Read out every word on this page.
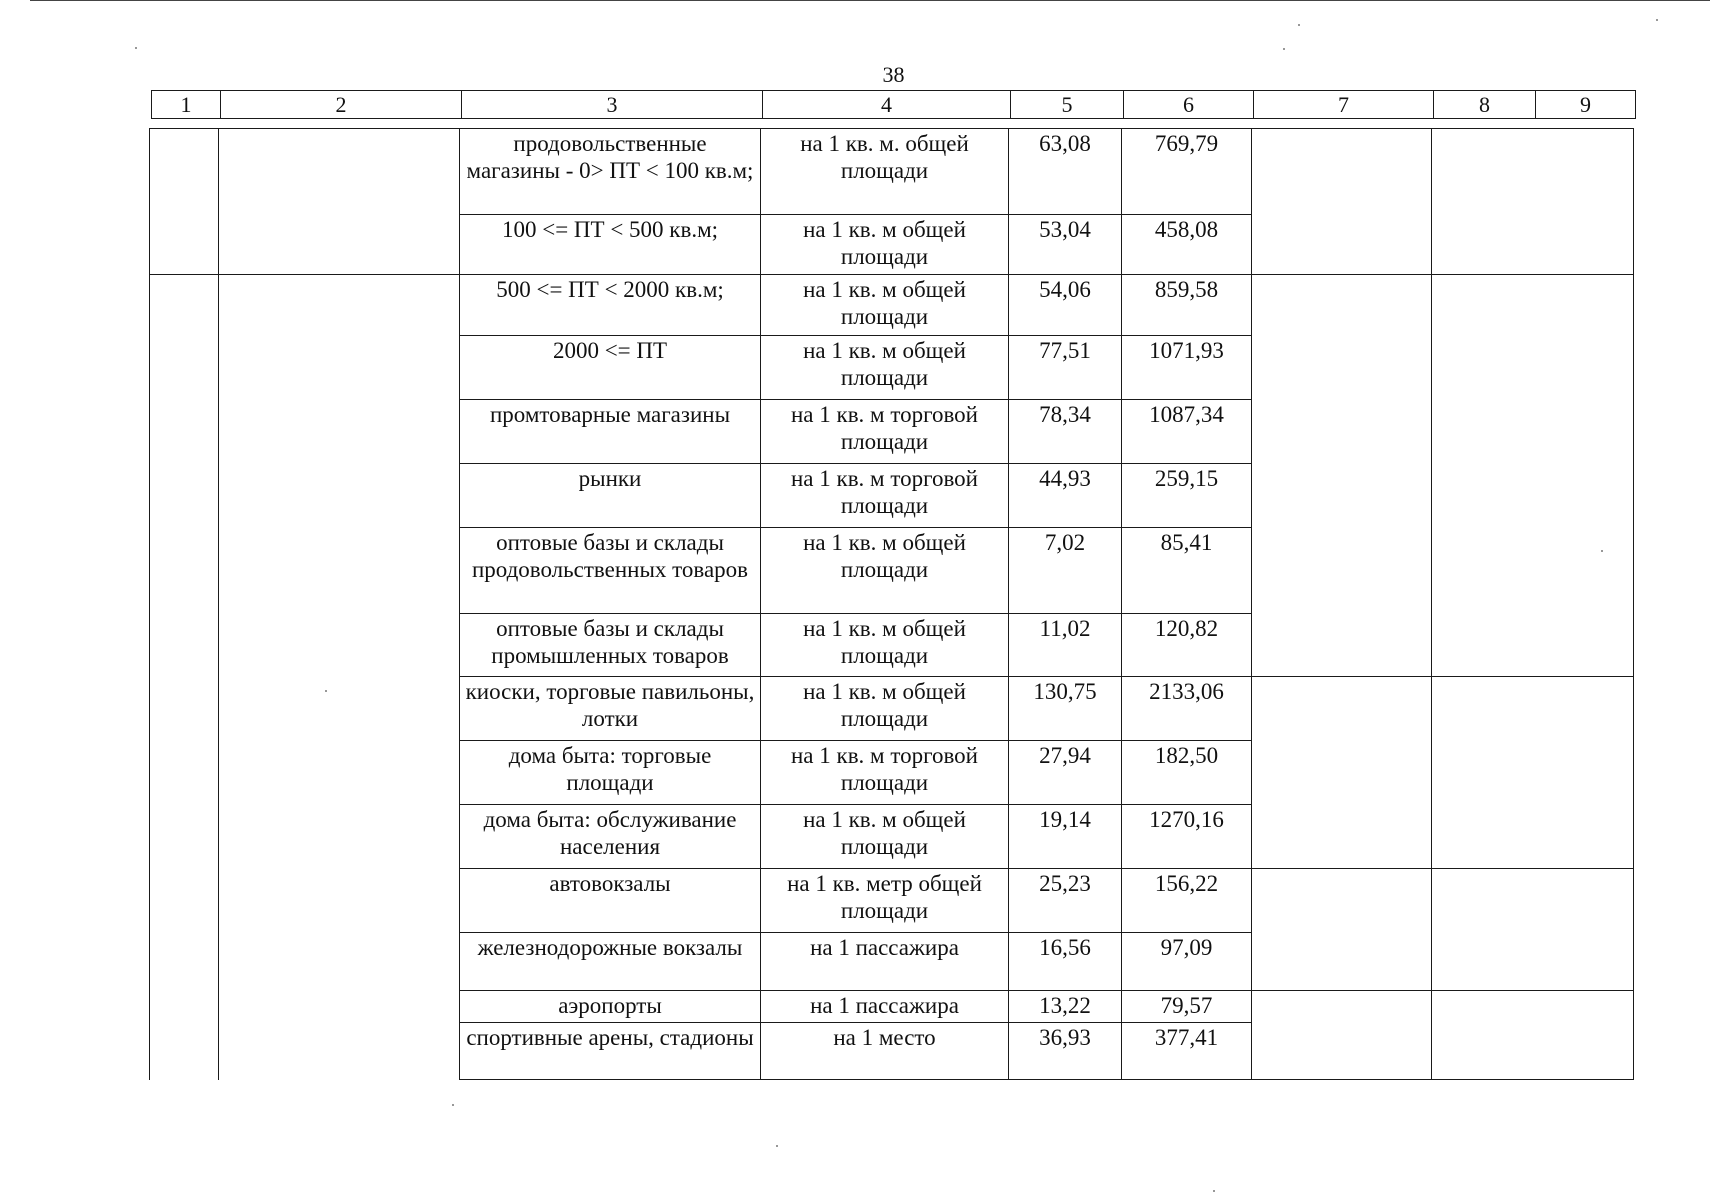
38
1	2	3	4	5	6	7	8	9
		продовольственные магазины - 0> ПТ < 100 кв.м;	на 1 кв. м. общей площади	63,08	769,79		
		100 <= ПТ < 500 кв.м;	на 1 кв. м общей площади	53,04	458,08		
		500 <= ПТ < 2000 кв.м;	на 1 кв. м общей площади	54,06	859,58		
		2000 <= ПТ	на 1 кв. м общей площади	77,51	1071,93		
		промтоварные магазины	на 1 кв. м торговой площади	78,34	1087,34		
		рынки	на 1 кв. м торговой площади	44,93	259,15		
		оптовые базы и склады продовольственных товаров	на 1 кв. м общей площади	7,02	85,41		
		оптовые базы и склады промышленных товаров	на 1 кв. м общей площади	11,02	120,82		
		киоски, торговые павильоны, лотки	на 1 кв. м общей площади	130,75	2133,06		
		дома быта: торговые площади	на 1 кв. м торговой площади	27,94	182,50		
		дома быта: обслуживание населения	на 1 кв. м общей площади	19,14	1270,16		
		автовокзалы	на 1 кв. метр общей площади	25,23	156,22		
		железнодорожные вокзалы	на 1 пассажира	16,56	97,09		
		аэропорты	на 1 пассажира	13,22	79,57		
		спортивные арены, стадионы	на 1 место	36,93	377,41		
